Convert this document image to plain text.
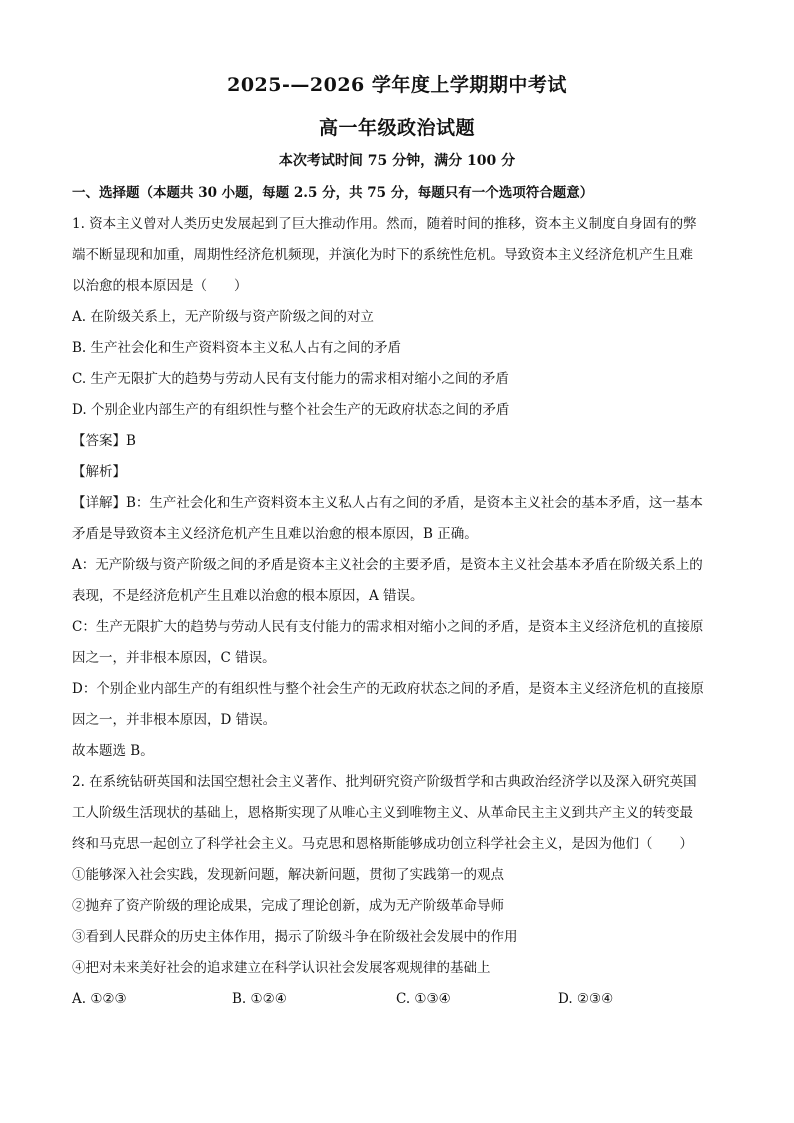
2025-—2026 学年度上学期期中考试
高一年级政治试题
本次考试时间 75 分钟，满分 100 分
一、选择题（本题共 30 小题，每题 2.5 分，共 75 分，每题只有一个选项符合题意）
1. 资本主义曾对人类历史发展起到了巨大推动作用。然而，随着时间的推移，资本主义制度自身固有的弊
端不断显现和加重，周期性经济危机频现，并演化为时下的系统性危机。导致资本主义经济危机产生且难
以治愈的根本原因是（　　）
A. 在阶级关系上，无产阶级与资产阶级之间的对立
B. 生产社会化和生产资料资本主义私人占有之间的矛盾
C. 生产无限扩大的趋势与劳动人民有支付能力的需求相对缩小之间的矛盾
D. 个别企业内部生产的有组织性与整个社会生产的无政府状态之间的矛盾
【答案】B
【解析】
【详解】B：生产社会化和生产资料资本主义私人占有之间的矛盾，是资本主义社会的基本矛盾，这一基本
矛盾是导致资本主义经济危机产生且难以治愈的根本原因，B 正确。
A：无产阶级与资产阶级之间的矛盾是资本主义社会的主要矛盾，是资本主义社会基本矛盾在阶级关系上的
表现，不是经济危机产生且难以治愈的根本原因，A 错误。
C：生产无限扩大的趋势与劳动人民有支付能力的需求相对缩小之间的矛盾，是资本主义经济危机的直接原
因之一，并非根本原因，C 错误。
D：个别企业内部生产的有组织性与整个社会生产的无政府状态之间的矛盾，是资本主义经济危机的直接原
因之一，并非根本原因，D 错误。
故本题选 B。
2. 在系统钻研英国和法国空想社会主义著作、批判研究资产阶级哲学和古典政治经济学以及深入研究英国
工人阶级生活现状的基础上，恩格斯实现了从唯心主义到唯物主义、从革命民主主义到共产主义的转变最
终和马克思一起创立了科学社会主义。马克思和恩格斯能够成功创立科学社会主义，是因为他们（　　）
①能够深入社会实践，发现新问题，解决新问题，贯彻了实践第一的观点
②抛弃了资产阶级的理论成果，完成了理论创新，成为无产阶级革命导师
③看到人民群众的历史主体作用，揭示了阶级斗争在阶级社会发展中的作用
④把对未来美好社会的追求建立在科学认识社会发展客观规律的基础上
A. ①②③	B. ①②④	C. ①③④	D. ②③④
